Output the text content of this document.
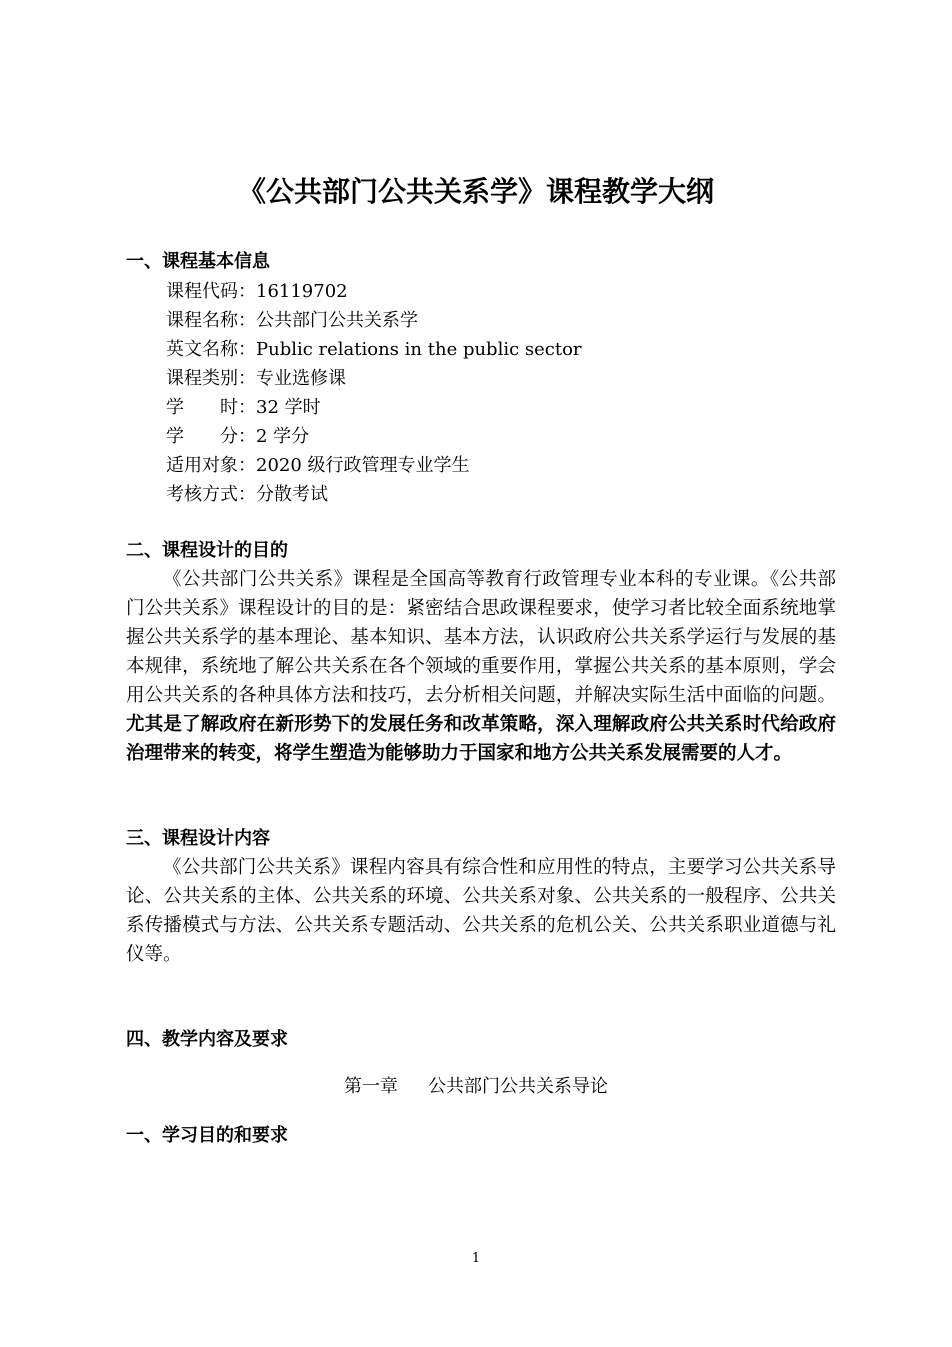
《公共部门公共关系学》课程教学大纲
一、课程基本信息
课程代码：16119702
课程名称：公共部门公共关系学
英文名称：Public relations in the public sector
课程类别：专业选修课
学　　时：32 学时
学　　分：2 学分
适用对象：2020 级行政管理专业学生
考核方式：分散考试
二、课程设计的目的
《公共部门公共关系》课程是全国高等教育行政管理专业本科的专业课。《公共部门公共关系》课程设计的目的是：紧密结合思政课程要求，使学习者比较全面系统地掌握公共关系学的基本理论、基本知识、基本方法，认识政府公共关系学运行与发展的基本规律，系统地了解公共关系在各个领域的重要作用，掌握公共关系的基本原则，学会用公共关系的各种具体方法和技巧，去分析相关问题，并解决实际生活中面临的问题。尤其是了解政府在新形势下的发展任务和改革策略，深入理解政府公共关系时代给政府治理带来的转变，将学生塑造为能够助力于国家和地方公共关系发展需要的人才。
三、课程设计内容
《公共部门公共关系》课程内容具有综合性和应用性的特点，主要学习公共关系导论、公共关系的主体、公共关系的环境、公共关系对象、公共关系的一般程序、公共关系传播模式与方法、公共关系专题活动、公共关系的危机公关、公共关系职业道德与礼仪等。
四、教学内容及要求
第一章 公共部门公共关系导论
一、学习目的和要求
1
